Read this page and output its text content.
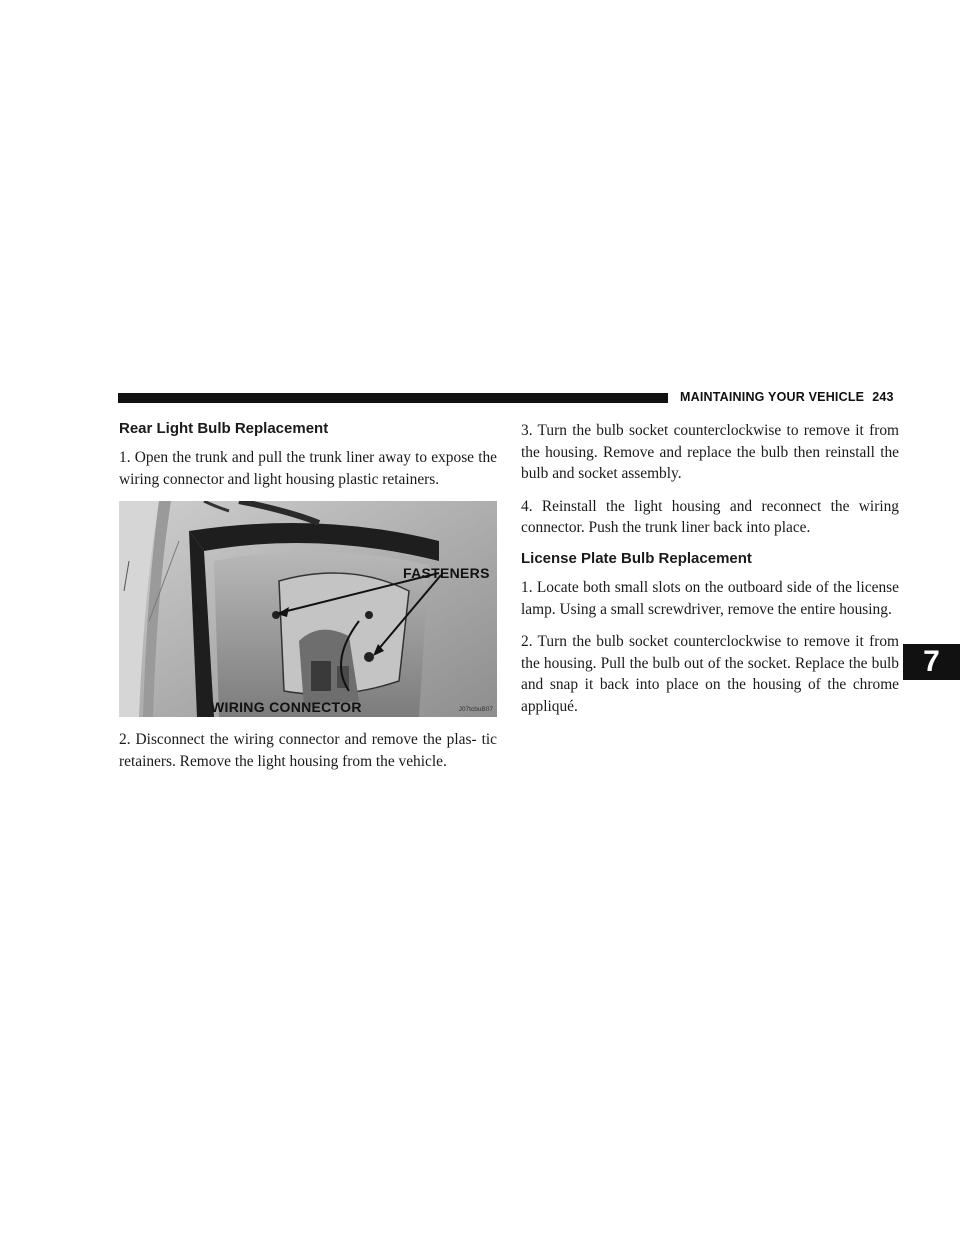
MAINTAINING YOUR VEHICLE 243
Rear Light Bulb Replacement

1. Open the trunk and pull the trunk liner away to expose the wiring connector and light housing plastic retainers.

FASTENERS
WIRING CONNECTOR	J07tcbuB07

2. Disconnect the wiring connector and remove the plas- tic retainers. Remove the light housing from the vehicle.

3. Turn the bulb socket counterclockwise to remove it from the housing. Remove and replace the bulb then reinstall the bulb and socket assembly.

4. Reinstall the light housing and reconnect the wiring connector. Push the trunk liner back into place.

License Plate Bulb Replacement

1. Locate both small slots on the outboard side of the license lamp. Using a small screwdriver, remove the entire housing.

2. Turn the bulb socket counterclockwise to remove it from the housing. Pull the bulb out of the socket. Replace the bulb and snap it back into place on the housing of the chrome appliqué.

7
